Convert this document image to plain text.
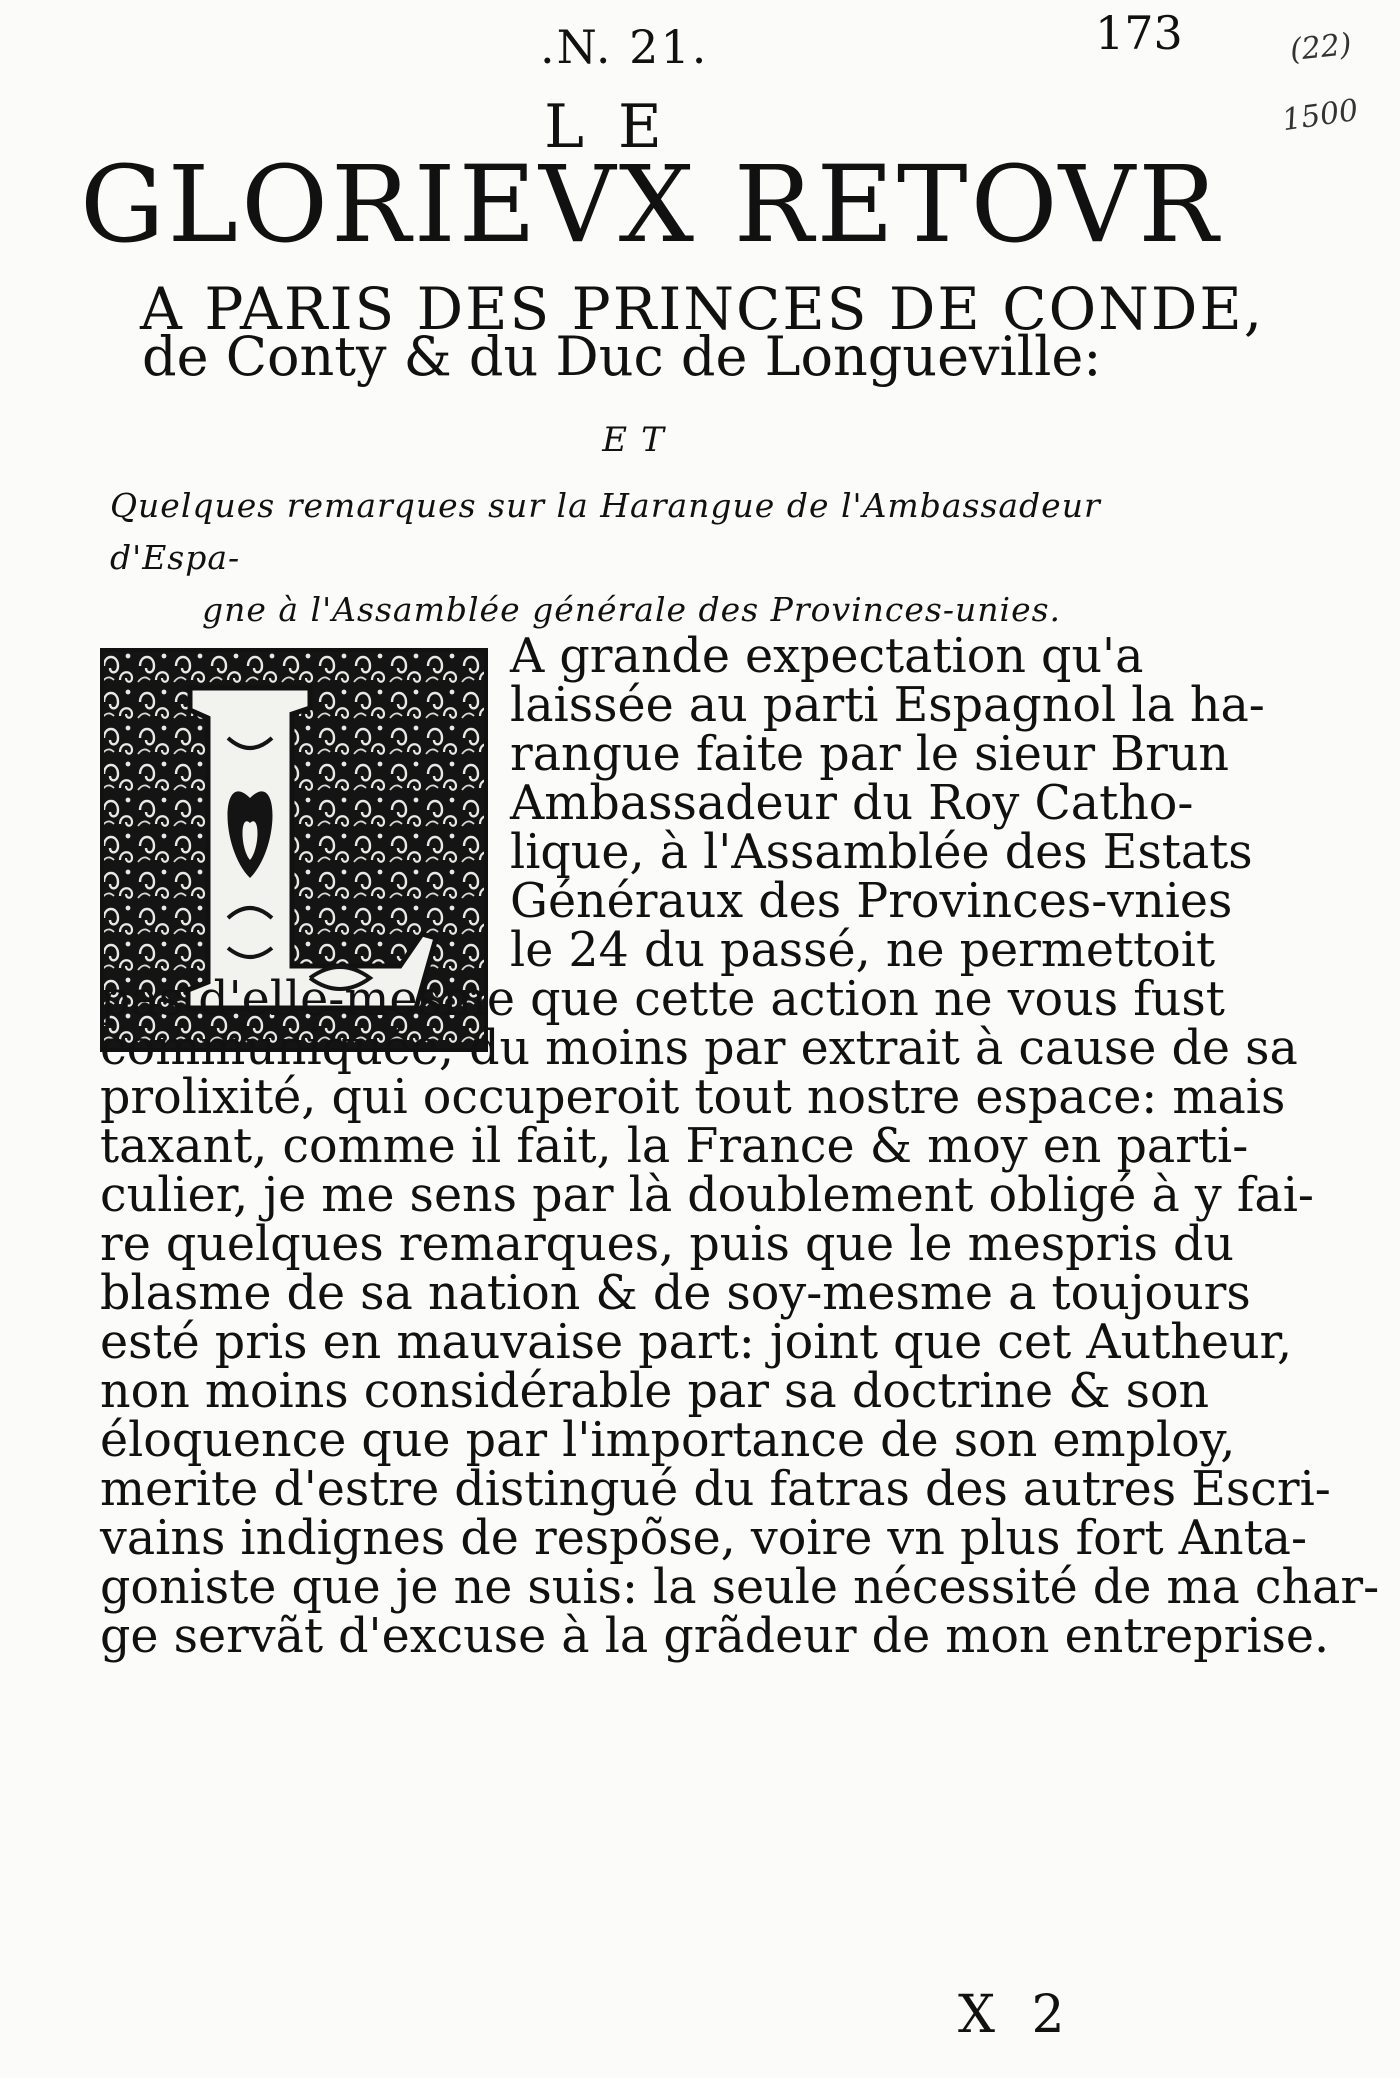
.N. 21.	173	(22)
1500
LE
GLORIEVX RETOVR
A PARIS DES PRINCES DE CONDE,
de Conty & du Duc de Longueville:
ET
Quelques remarques sur la Harangue de l'Ambassadeur d'Espa-
gne à l'Assamblée générale des Provinces-unies.
A grande expectation qu'a
laissée au parti Espagnol la ha-
rangue faite par le sieur Brun
Ambassadeur du Roy Catho-
lique, à l'Assamblée des Estats
Généraux des Provinces-vnies
le 24 du passé, ne permettoit
pas d'elle-mesme que cette action ne vous fust
communiquée, du moins par extrait à cause de sa
prolixité, qui occuperoit tout nostre espace: mais
taxant, comme il fait, la France & moy en parti-
culier, je me sens par là doublement obligé à y fai-
re quelques remarques, puis que le mespris du
blasme de sa nation & de soy-mesme a toujours
esté pris en mauvaise part: joint que cet Autheur,
non moins considérable par sa doctrine & son
éloquence que par l'importance de son employ,
merite d'estre distingué du fatras des autres Escri-
vains indignes de respõse, voire vn plus fort Anta-
goniste que je ne suis: la seule nécessité de ma char-
ge servãt d'excuse à la grãdeur de mon entreprise.
X 2
